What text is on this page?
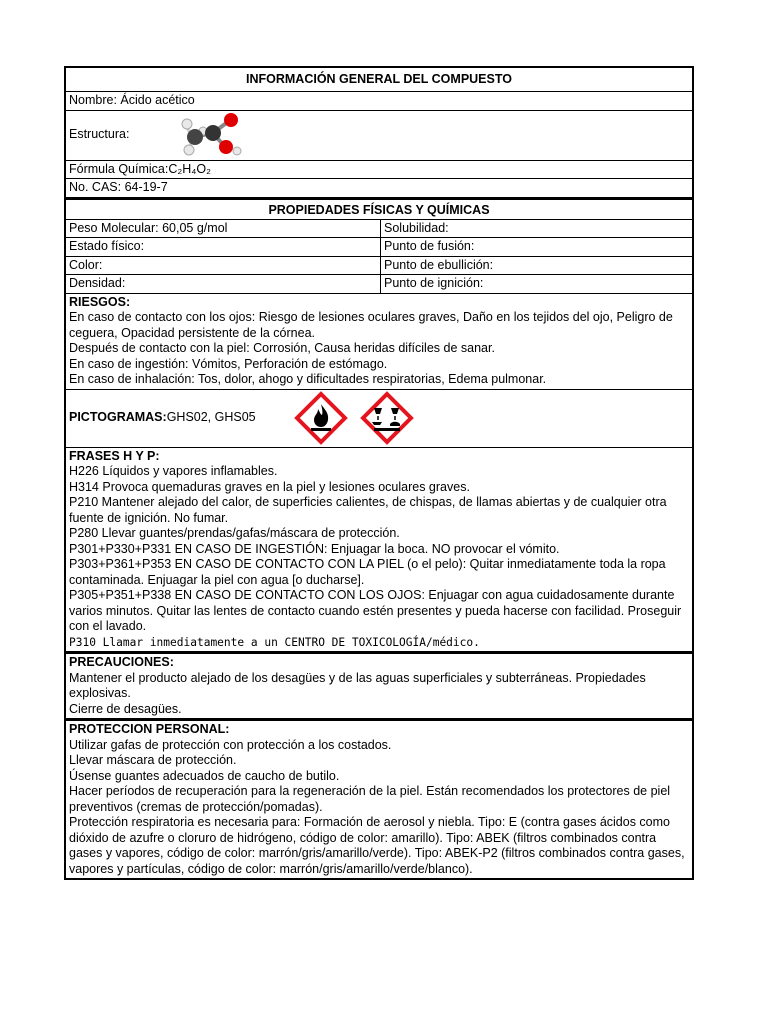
INFORMACIÓN GENERAL DEL COMPUESTO
Nombre: Ácido acético
Estructura:
Fórmula Química:C₂H₄O₂
No. CAS: 64-19-7
PROPIEDADES FÍSICAS Y QUÍMICAS
Peso Molecular: 60,05 g/mol	Solubilidad:
Estado físico:	Punto de fusión:
Color:	Punto de ebullición:
Densidad:	Punto de ignición:
RIESGOS:
En caso de contacto con los ojos: Riesgo de lesiones oculares graves, Daño en los tejidos del ojo, Peligro de ceguera, Opacidad persistente de la córnea.
Después de contacto con la piel: Corrosión, Causa heridas difíciles de sanar.
En caso de ingestión: Vómitos, Perforación de estómago.
En caso de inhalación: Tos, dolor, ahogo y dificultades respiratorias, Edema pulmonar.
PICTOGRAMAS: GHS02, GHS05
FRASES H Y P:
H226 Líquidos y vapores inflamables.
H314 Provoca quemaduras graves en la piel y lesiones oculares graves.
P210 Mantener alejado del calor, de superficies calientes, de chispas, de llamas abiertas y de cualquier otra fuente de ignición. No fumar.
P280 Llevar guantes/prendas/gafas/máscara de protección.
P301+P330+P331 EN CASO DE INGESTIÓN: Enjuagar la boca. NO provocar el vómito.
P303+P361+P353 EN CASO DE CONTACTO CON LA PIEL (o el pelo): Quitar inmediatamente toda la ropa contaminada. Enjuagar la piel con agua [o ducharse].
P305+P351+P338 EN CASO DE CONTACTO CON LOS OJOS: Enjuagar con agua cuidadosamente durante varios minutos. Quitar las lentes de contacto cuando estén presentes y pueda hacerse con facilidad. Proseguir con el lavado.
P310 Llamar inmediatamente a un CENTRO DE TOXICOLOGÍA/médico.
PRECAUCIONES:
Mantener el producto alejado de los desagües y de las aguas superficiales y subterráneas. Propiedades explosivas.
Cierre de desagües.
PROTECCION PERSONAL:
Utilizar gafas de protección con protección a los costados.
Llevar máscara de protección.
Úsense guantes adecuados de caucho de butilo.
Hacer períodos de recuperación para la regeneración de la piel. Están recomendados los protectores de piel preventivos (cremas de protección/pomadas).
Protección respiratoria es necesaria para: Formación de aerosol y niebla. Tipo: E (contra gases ácidos como dióxido de azufre o cloruro de hidrógeno, código de color: amarillo). Tipo: ABEK (filtros combinados contra gases y vapores, código de color: marrón/gris/amarillo/verde). Tipo: ABEK-P2 (filtros combinados contra gases, vapores y partículas, código de color: marrón/gris/amarillo/verde/blanco).
